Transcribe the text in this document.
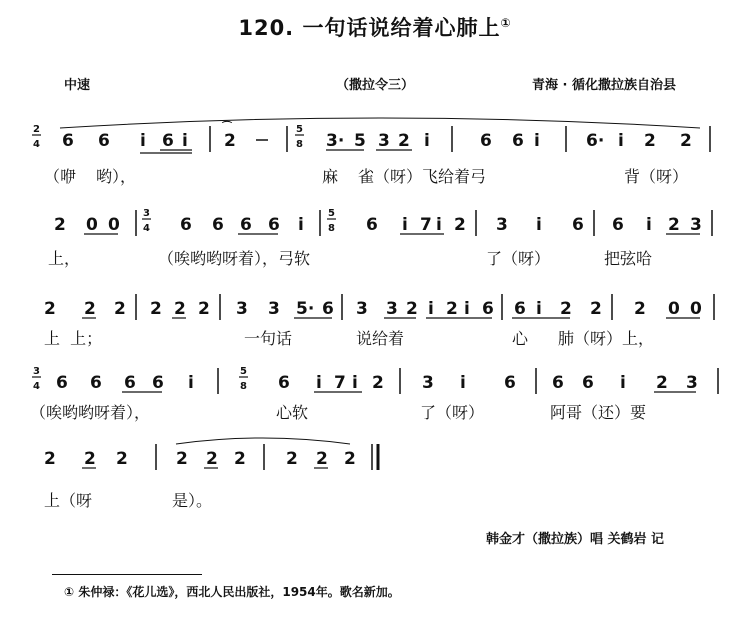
120. 一句话说给着心肺上①
中速	（撒拉令三）	青海 · 循化撒拉族自治县
2
4 6 6 i 6 i 2
⌒	5
8 3· 5 3 2 i	6 6 i	6· i 2 2

（咿

哟），

	麻

雀（呀）飞给着弓

	背（呀）

2 0 0
3
4 6 6 6 6 i
5
8 6 i 7 i 2 3 i 6 6 i 2 3

上，

	（唉哟哟呀着），弓软

	了（呀）

	把弦哈

2 2 2 2 2 2 3 3 5· 6 3 3 2 i 2 i 6 6 i 2 2 2 0 0

上  上；

	一句话

	说给着

	心

肺（呀）上，

3
4 6 6 6 6 i
5
8 6 i 7 i 2 3 i 6 6 6 i 2 3

（唉哟哟呀着），

	心软

	了（呀）

	阿哥（还）要

2 2 2	2 2 2 2 2 2

上（呀

	是）。

韩金才（撒拉族）唱 关鹤岩 记
① 朱仲禄：《花儿选》，西北人民出版社，1954年。歌名新加。
